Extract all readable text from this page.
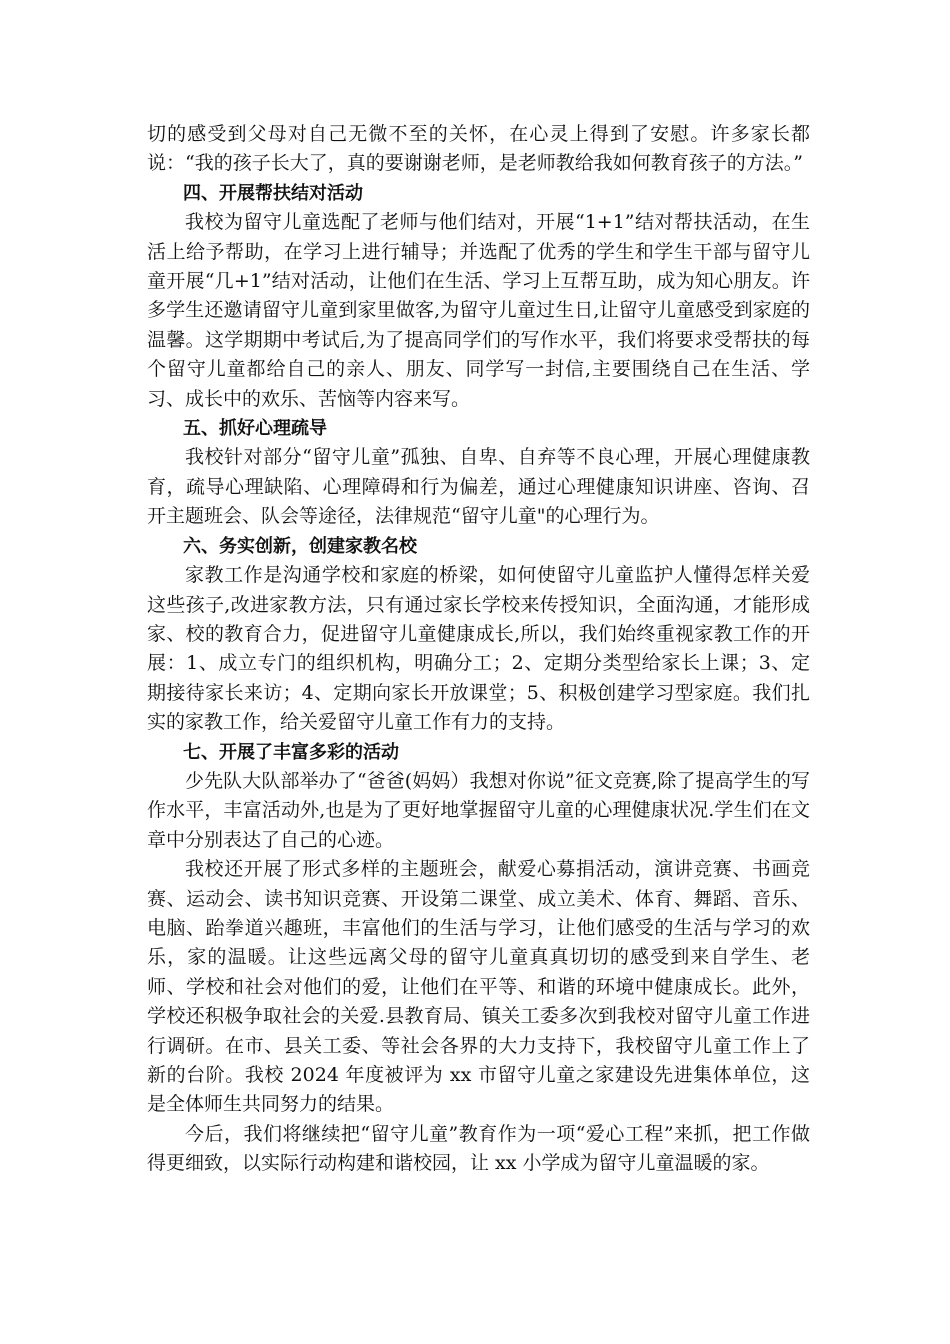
切的感受到父母对自己无微不至的关怀，在心灵上得到了安慰。许多家长都说：“我的孩子长大了，真的要谢谢老师，是老师教给我如何教育孩子的方法。”

四、开展帮扶结对活动

我校为留守儿童选配了老师与他们结对，开展“1+1”结对帮扶活动，在生活上给予帮助，在学习上进行辅导；并选配了优秀的学生和学生干部与留守儿童开展“几+1”结对活动，让他们在生活、学习上互帮互助，成为知心朋友。许多学生还邀请留守儿童到家里做客,为留守儿童过生日,让留守儿童感受到家庭的温馨。这学期期中考试后,为了提高同学们的写作水平，我们将要求受帮扶的每个留守儿童都给自己的亲人、朋友、同学写一封信,主要围绕自己在生活、学习、成长中的欢乐、苦恼等内容来写。

五、抓好心理疏导

我校针对部分“留守儿童”孤独、自卑、自弃等不良心理，开展心理健康教育，疏导心理缺陷、心理障碍和行为偏差，通过心理健康知识讲座、咨询、召开主题班会、队会等途径，法律规范“留守儿童"的心理行为。

六、务实创新，创建家教名校

家教工作是沟通学校和家庭的桥梁，如何使留守儿童监护人懂得怎样关爱这些孩子,改进家教方法，只有通过家长学校来传授知识，全面沟通，才能形成家、校的教育合力，促进留守儿童健康成长,所以，我们始终重视家教工作的开展：1、成立专门的组织机构，明确分工；2、定期分类型给家长上课；3、定期接待家长来访；4、定期向家长开放课堂；5、积极创建学习型家庭。我们扎实的家教工作，给关爱留守儿童工作有力的支持。

七、开展了丰富多彩的活动

少先队大队部举办了“爸爸(妈妈）我想对你说”征文竞赛,除了提高学生的写作水平，丰富活动外,也是为了更好地掌握留守儿童的心理健康状况.学生们在文章中分别表达了自己的心迹。

我校还开展了形式多样的主题班会，献爱心募捐活动，演讲竞赛、书画竞赛、运动会、读书知识竞赛、开设第二课堂、成立美术、体育、舞蹈、音乐、电脑、跆拳道兴趣班，丰富他们的生活与学习，让他们感受的生活与学习的欢乐，家的温暖。让这些远离父母的留守儿童真真切切的感受到来自学生、老师、学校和社会对他们的爱，让他们在平等、和谐的环境中健康成长。此外，学校还积极争取社会的关爱.县教育局、镇关工委多次到我校对留守儿童工作进行调研。在市、县关工委、等社会各界的大力支持下，我校留守儿童工作上了新的台阶。我校 2024 年度被评为 xx 市留守儿童之家建设先进集体单位，这是全体师生共同努力的结果。

今后，我们将继续把“留守儿童”教育作为一项“爱心工程”来抓，把工作做得更细致，以实际行动构建和谐校园，让 xx 小学成为留守儿童温暖的家。
